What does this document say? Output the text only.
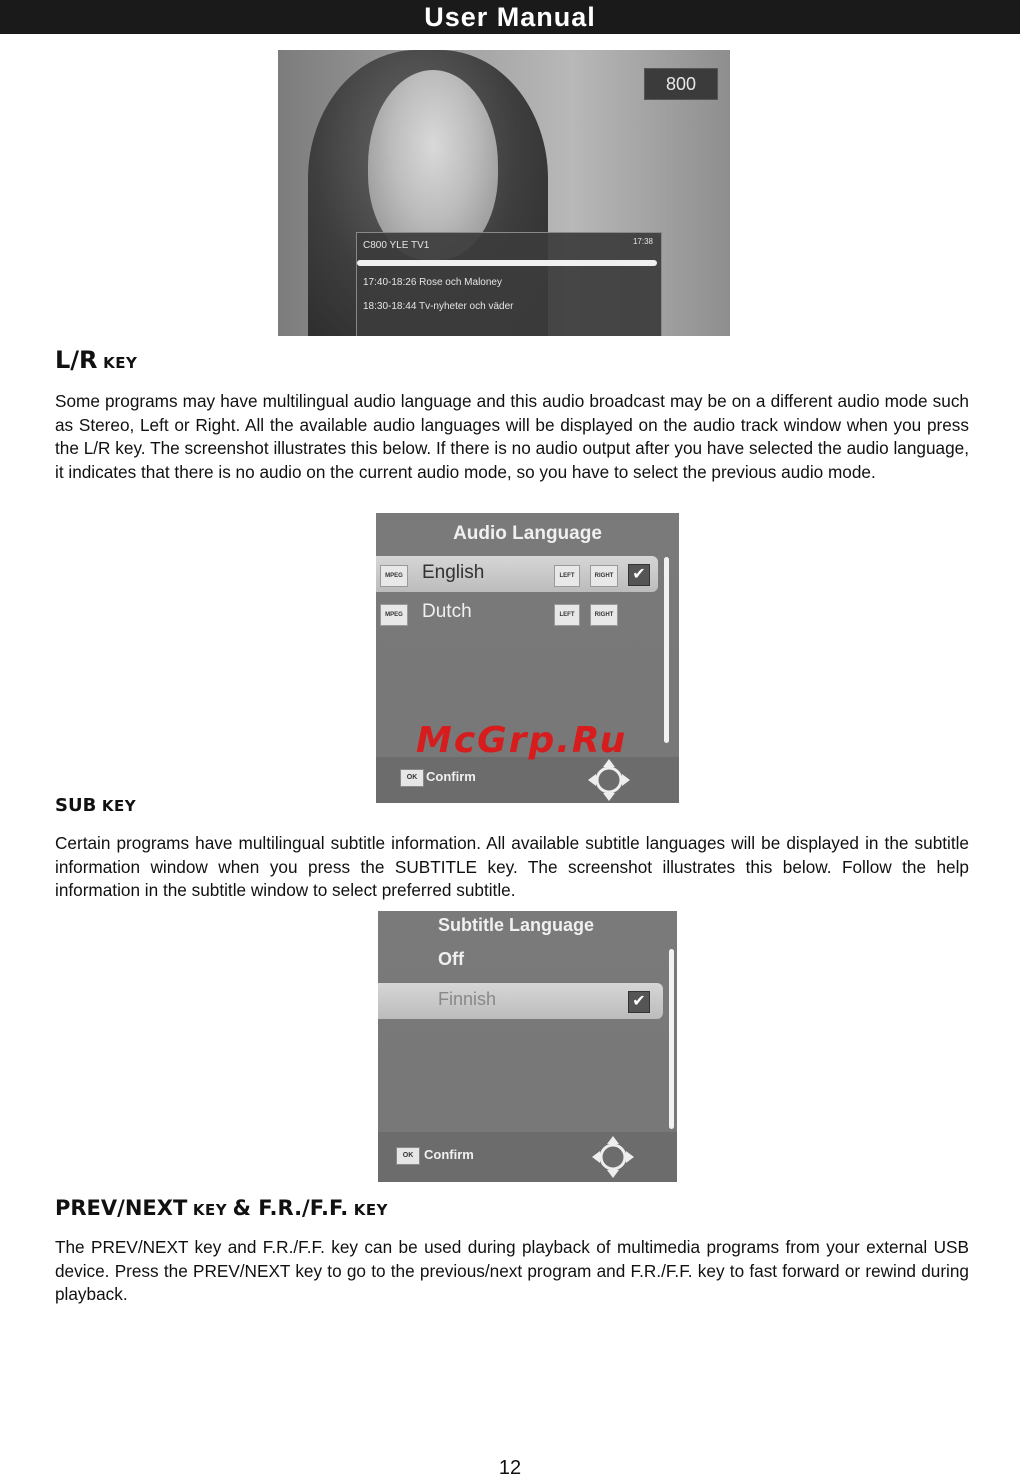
User Manual
800
C800 YLE TV1	17:38
17:40-18:26 Rose och Maloney
18:30-18:44 Tv-nyheter och väder
L/R KEY
Some programs may have multilingual audio language and this audio broadcast may be on a different audio mode such as Stereo, Left or Right. All the available audio languages will be displayed on the audio track window when you press the L/R key. The screenshot illustrates this below. If there is no audio output after you have selected the audio language, it indicates that there is no audio on the current audio mode, so you have to select the previous audio mode.
Audio Language
MPEG English	LEFT	RIGHT ✔
MPEG Dutch	LEFT	RIGHT
OK Confirm
McGrp.Ru
SUB KEY
Certain programs have multilingual subtitle information. All available subtitle languages will be displayed in the subtitle information window when you press the SUBTITLE key. The screenshot illustrates this below. Follow the help information in the subtitle window to select preferred subtitle.
Subtitle Language
Off
Finnish	✔
OK Confirm
PREV/NEXT KEY & F.R./F.F. KEY
The PREV/NEXT key and F.R./F.F. key can be used during playback of multimedia programs from your external USB device. Press the PREV/NEXT key to go to the previous/next program and F.R./F.F. key to fast forward or rewind during playback.
12
